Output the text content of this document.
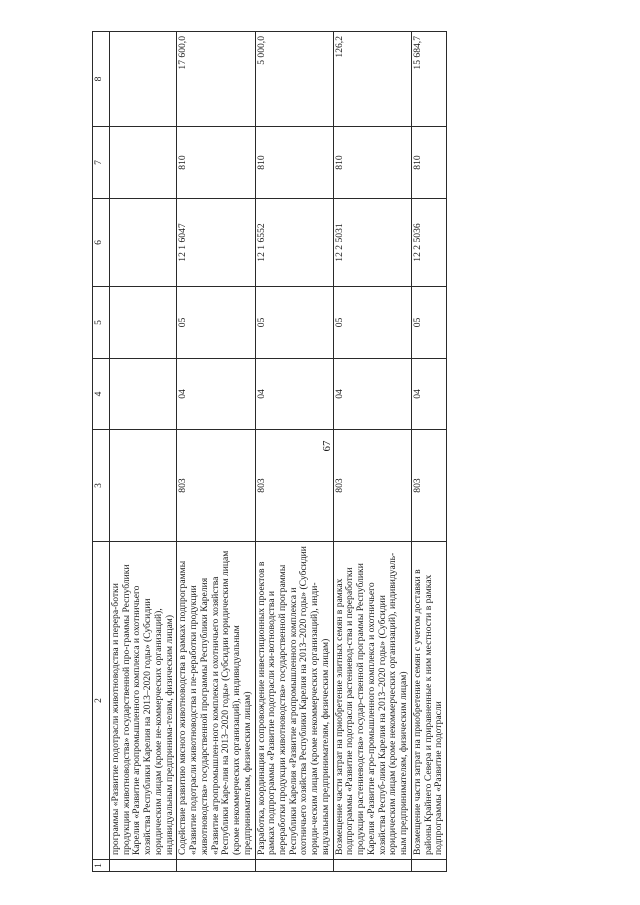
67
1	2	3	4	5	6	7	8
	программы «Развитие подотрасли животноводства и перера-ботки продукции животноводства» государственной про-граммы Республики Карелия «Развитие агропромышленного комплекса и охотничьего хозяйства Республики Карелия на 2013–2020 годы» (Субсидии юридическим лицам (кроме не-коммерческих организаций), индивидуальным предпринима-телям, физическим лицам)						
	Содействие развитию мясного животноводства в рамках подпрограммы «Развитие подотрасли животноводства и пе-реработки продукции животноводства» государственной программы Республики Карелия «Развитие агропромышлен-ного комплекса и охотничьего хозяйства Республики Каре-лия на 2013–2020 годы» (Субсидии юридическим лицам (кроме некоммерческих организаций), индивидуальным предпринимателям, физическим лицам)	803	04	05	12 1 6047	810	17 600,0
	Разработка, координация и сопровождение инвестиционных проектов в рамках подпрограммы «Развитие подотрасли жи-вотноводства и переработки продукции животноводства» государственной программы Республики Карелия «Развитие агропромышленного комплекса и охотничьего хозяйства Республики Карелия на 2013–2020 годы» (Субсидии юриди-ческим лицам (кроме некоммерческих организаций), инди-видуальным предпринимателям, физическим лицам)	803	04	05	12 1 6552	810	5 000,0
	Возмещение части затрат на приобретение элитных семян в рамках подпрограммы «Развитие подотрасли растениевод-ства и переработки продукции растениеводства» государ-ственной программы Республики Карелия «Развитие агро-промышленного комплекса и охотничьего хозяйства Респуб-лики Карелия на 2013–2020 годы» (Субсидии юридическим лицам (кроме некоммерческих организаций), индивидуаль-ным предпринимателям, физическим лицам)	803	04	05	12 2 5031	810	126,2
	Возмещение части затрат на приобретение семян с учетом доставки в районы Крайнего Севера и приравненные к ним местности в рамках подпрограммы «Развитие подотрасли	803	04	05	12 2 5036	810	15 684,7
